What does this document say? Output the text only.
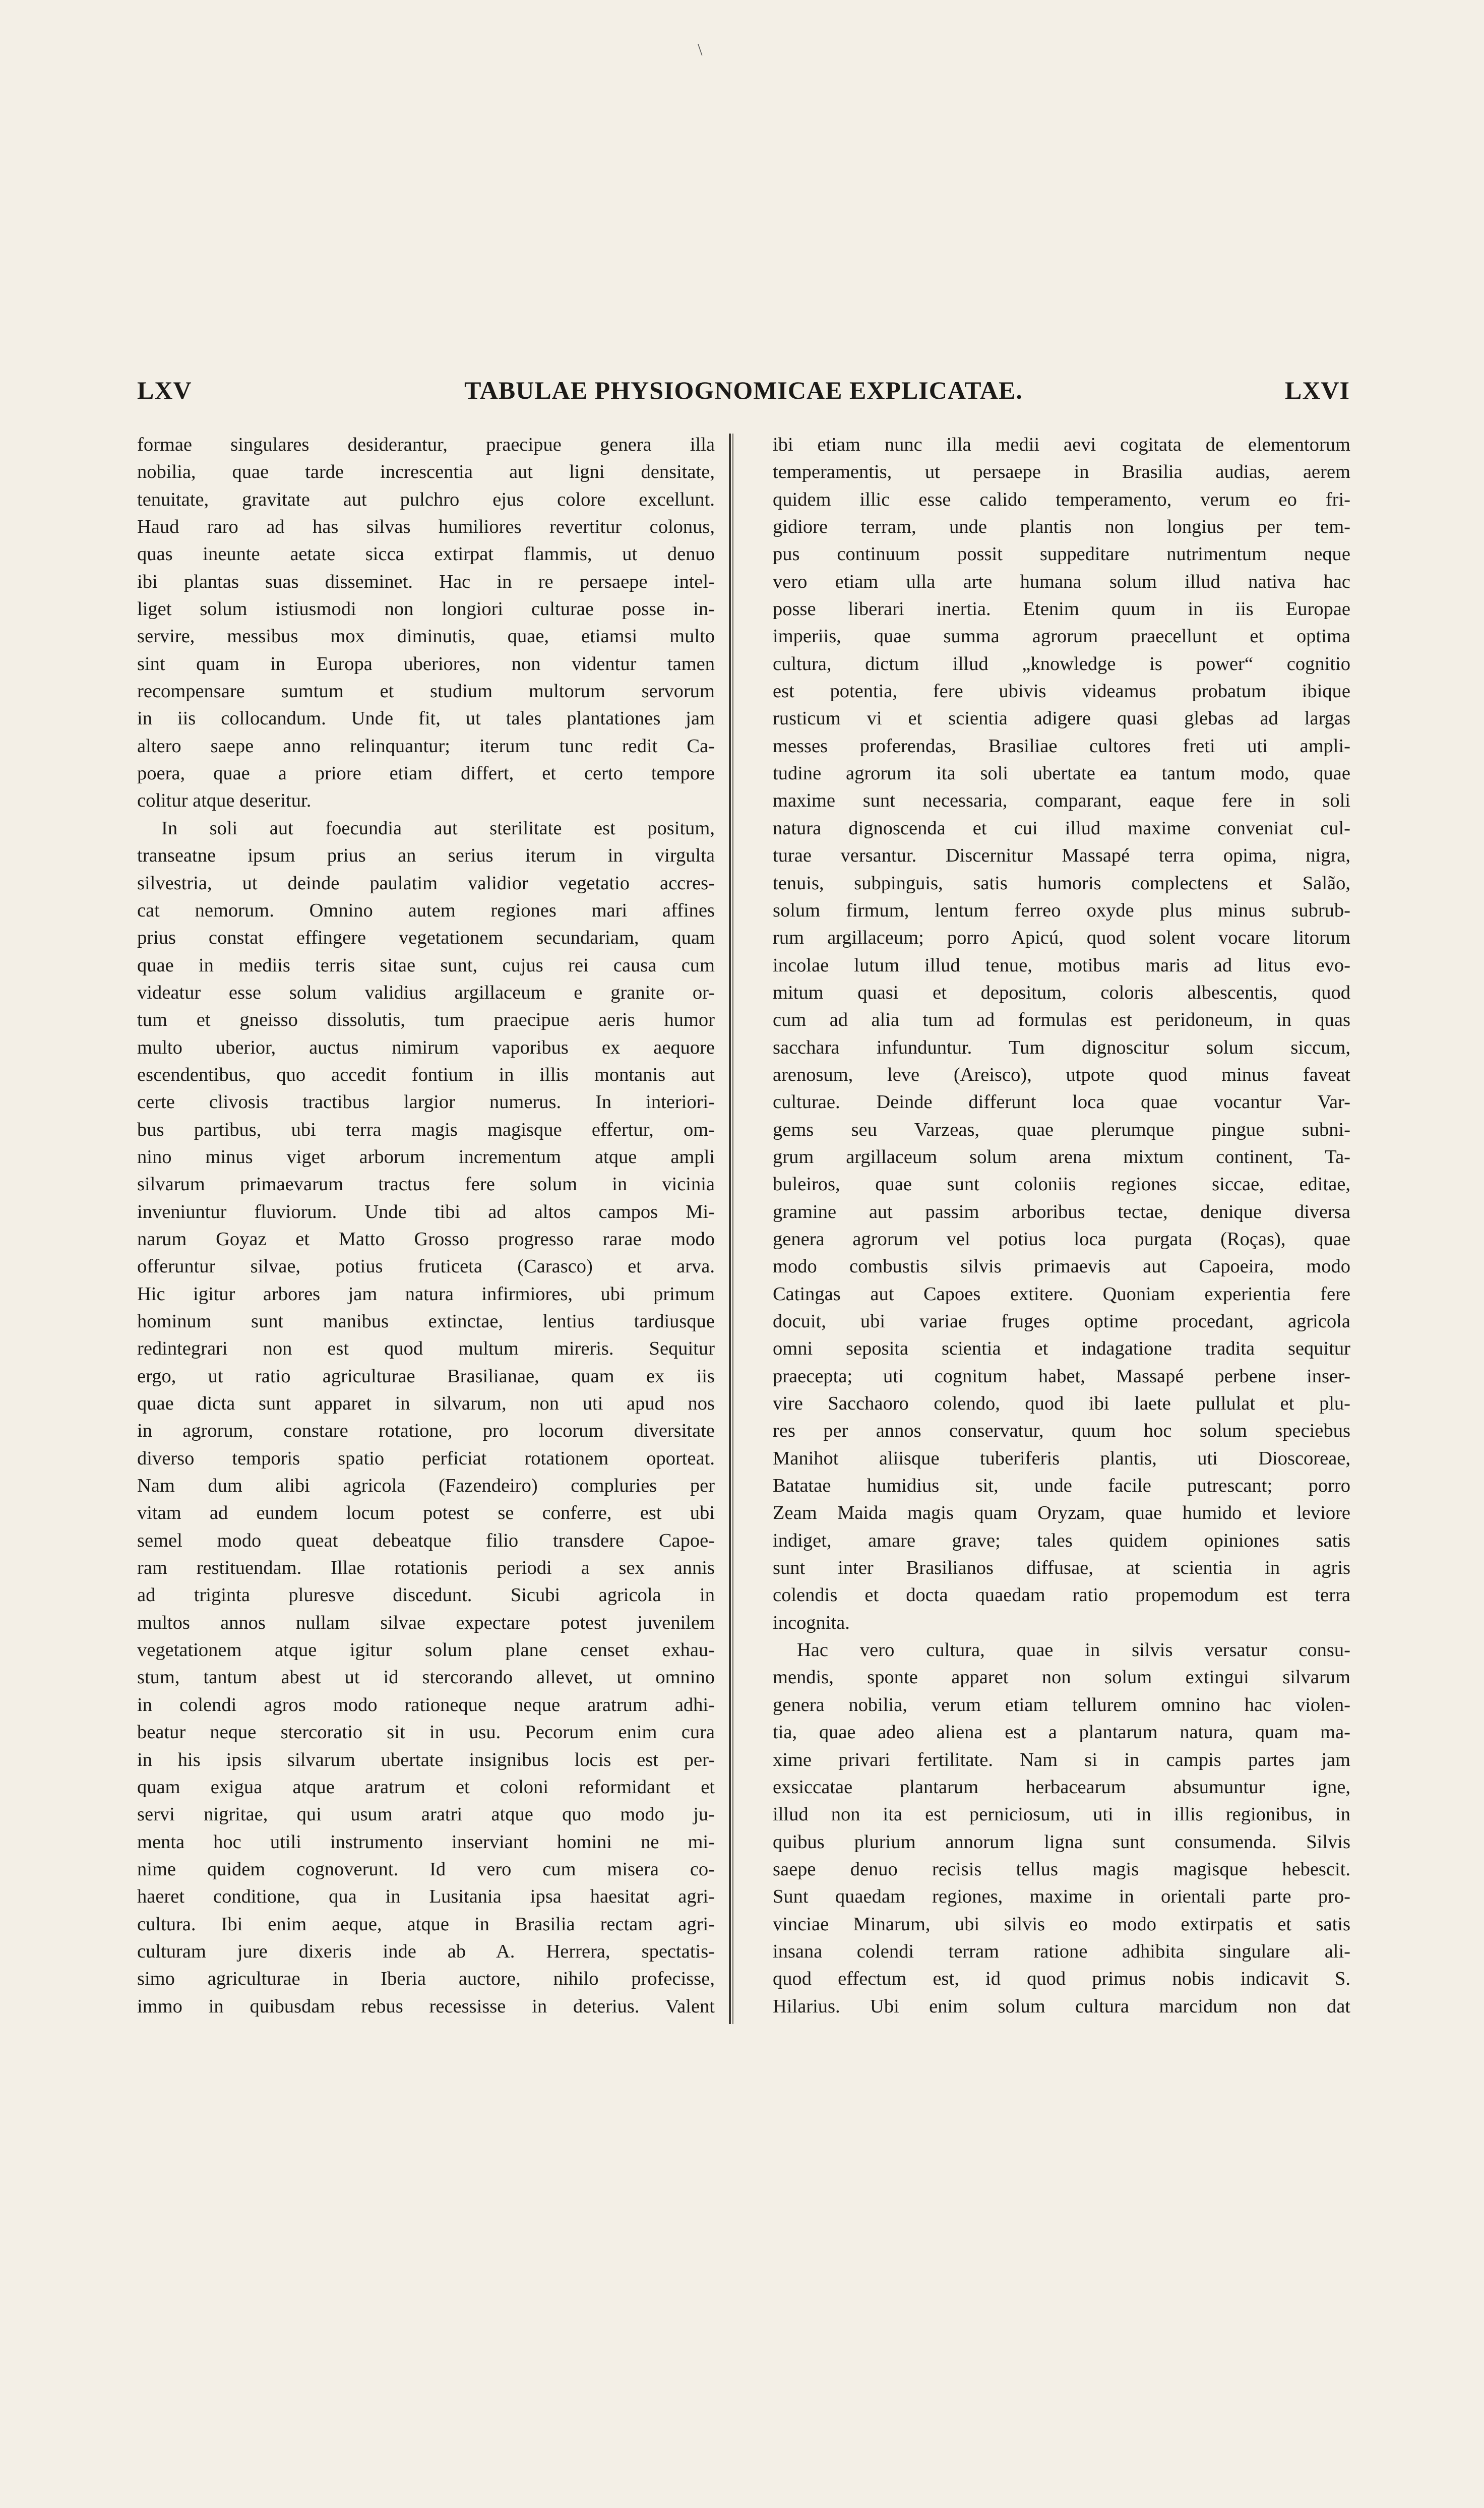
\
LXV	TABULAE PHYSIOGNOMICAE EXPLICATAE.	LXVI
formae singulares desiderantur, praecipue genera illa
nobilia, quae tarde increscentia aut ligni densitate,
tenuitate, gravitate aut pulchro ejus colore excellunt.
Haud raro ad has silvas humiliores revertitur colonus,
quas ineunte aetate sicca extirpat flammis, ut denuo
ibi plantas suas disseminet. Hac in re persaepe intel-
liget solum istiusmodi non longiori culturae posse in-
servire, messibus mox diminutis, quae, etiamsi multo
sint quam in Europa uberiores, non videntur tamen
recompensare sumtum et studium multorum servorum
in iis collocandum. Unde fit, ut tales plantationes jam
altero saepe anno relinquantur; iterum tunc redit Ca-
poera, quae a priore etiam differt, et certo tempore
colitur atque deseritur.
In soli aut foecundia aut sterilitate est positum,
transeatne ipsum prius an serius iterum in virgulta
silvestria, ut deinde paulatim validior vegetatio accres-
cat nemorum. Omnino autem regiones mari affines
prius constat effingere vegetationem secundariam, quam
quae in mediis terris sitae sunt, cujus rei causa cum
videatur esse solum validius argillaceum e granite or-
tum et gneisso dissolutis, tum praecipue aeris humor
multo uberior, auctus nimirum vaporibus ex aequore
escendentibus, quo accedit fontium in illis montanis aut
certe clivosis tractibus largior numerus. In interiori-
bus partibus, ubi terra magis magisque effertur, om-
nino minus viget arborum incrementum atque ampli
silvarum primaevarum tractus fere solum in vicinia
inveniuntur fluviorum. Unde tibi ad altos campos Mi-
narum Goyaz et Matto Grosso progresso rarae modo
offeruntur silvae, potius fruticeta (Carasco) et arva.
Hic igitur arbores jam natura infirmiores, ubi primum
hominum sunt manibus extinctae, lentius tardiusque
redintegrari non est quod multum mireris. Sequitur
ergo, ut ratio agriculturae Brasilianae, quam ex iis
quae dicta sunt apparet in silvarum, non uti apud nos
in agrorum, constare rotatione, pro locorum diversitate
diverso temporis spatio perficiat rotationem oporteat.
Nam dum alibi agricola (Fazendeiro) compluries per
vitam ad eundem locum potest se conferre, est ubi
semel modo queat debeatque filio transdere Capoe-
ram restituendam. Illae rotationis periodi a sex annis
ad triginta pluresve discedunt. Sicubi agricola in
multos annos nullam silvae expectare potest juvenilem
vegetationem atque igitur solum plane censet exhau-
stum, tantum abest ut id stercorando allevet, ut omnino
in colendi agros modo rationeque neque aratrum adhi-
beatur neque stercoratio sit in usu. Pecorum enim cura
in his ipsis silvarum ubertate insignibus locis est per-
quam exigua atque aratrum et coloni reformidant et
servi nigritae, qui usum aratri atque quo modo ju-
menta hoc utili instrumento inserviant homini ne mi-
nime quidem cognoverunt. Id vero cum misera co-
haeret conditione, qua in Lusitania ipsa haesitat agri-
cultura. Ibi enim aeque, atque in Brasilia rectam agri-
culturam jure dixeris inde ab A. Herrera, spectatis-
simo agriculturae in Iberia auctore, nihilo profecisse,
immo in quibusdam rebus recessisse in deterius. Valent
ibi etiam nunc illa medii aevi cogitata de elementorum
temperamentis, ut persaepe in Brasilia audias, aerem
quidem illic esse calido temperamento, verum eo fri-
gidiore terram, unde plantis non longius per tem-
pus continuum possit suppeditare nutrimentum neque
vero etiam ulla arte humana solum illud nativa hac
posse liberari inertia. Etenim quum in iis Europae
imperiis, quae summa agrorum praecellunt et optima
cultura, dictum illud „knowledge is power“ cognitio
est potentia, fere ubivis videamus probatum ibique
rusticum vi et scientia adigere quasi glebas ad largas
messes proferendas, Brasiliae cultores freti uti ampli-
tudine agrorum ita soli ubertate ea tantum modo, quae
maxime sunt necessaria, comparant, eaque fere in soli
natura dignoscenda et cui illud maxime conveniat cul-
turae versantur. Discernitur Massapé terra opima, nigra,
tenuis, subpinguis, satis humoris complectens et Salão,
solum firmum, lentum ferreo oxyde plus minus subrub-
rum argillaceum; porro Apicú, quod solent vocare litorum
incolae lutum illud tenue, motibus maris ad litus evo-
mitum quasi et depositum, coloris albescentis, quod
cum ad alia tum ad formulas est peridoneum, in quas
sacchara infunduntur. Tum dignoscitur solum siccum,
arenosum, leve (Areisco), utpote quod minus faveat
culturae. Deinde differunt loca quae vocantur Var-
gems seu Varzeas, quae plerumque pingue subni-
grum argillaceum solum arena mixtum continent, Ta-
buleiros, quae sunt coloniis regiones siccae, editae,
gramine aut passim arboribus tectae, denique diversa
genera agrorum vel potius loca purgata (Roças), quae
modo combustis silvis primaevis aut Capoeira, modo
Catingas aut Capoes extitere. Quoniam experientia fere
docuit, ubi variae fruges optime procedant, agricola
omni seposita scientia et indagatione tradita sequitur
praecepta; uti cognitum habet, Massapé perbene inser-
vire Sacchaoro colendo, quod ibi laete pullulat et plu-
res per annos conservatur, quum hoc solum speciebus
Manihot aliisque tuberiferis plantis, uti Dioscoreae,
Batatae humidius sit, unde facile putrescant; porro
Zeam Maida magis quam Oryzam, quae humido et leviore
indiget, amare grave; tales quidem opiniones satis
sunt inter Brasilianos diffusae, at scientia in agris
colendis et docta quaedam ratio propemodum est terra
incognita.
Hac vero cultura, quae in silvis versatur consu-
mendis, sponte apparet non solum extingui silvarum
genera nobilia, verum etiam tellurem omnino hac violen-
tia, quae adeo aliena est a plantarum natura, quam ma-
xime privari fertilitate. Nam si in campis partes jam
exsiccatae plantarum herbacearum absumuntur igne,
illud non ita est perniciosum, uti in illis regionibus, in
quibus plurium annorum ligna sunt consumenda. Silvis
saepe denuo recisis tellus magis magisque hebescit.
Sunt quaedam regiones, maxime in orientali parte pro-
vinciae Minarum, ubi silvis eo modo extirpatis et satis
insana colendi terram ratione adhibita singulare ali-
quod effectum est, id quod primus nobis indicavit S.
Hilarius. Ubi enim solum cultura marcidum non dat
